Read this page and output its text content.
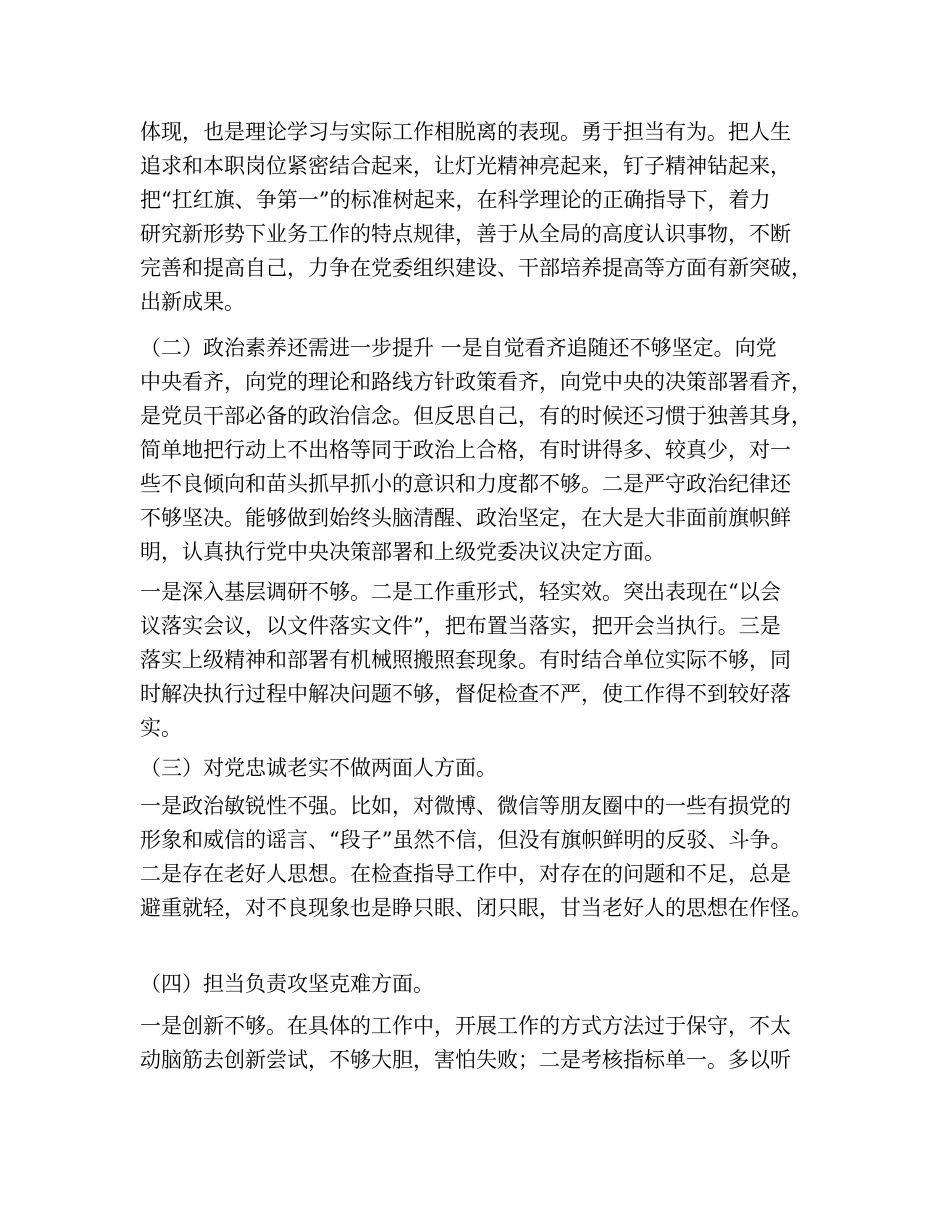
体现，也是理论学习与实际工作相脱离的表现。勇于担当有为。把人生
追求和本职岗位紧密结合起来，让灯光精神亮起来，钉子精神钻起来，
把“扛红旗、争第一”的标准树起来，在科学理论的正确指导下，着力
研究新形势下业务工作的特点规律，善于从全局的高度认识事物，不断
完善和提高自己，力争在党委组织建设、干部培养提高等方面有新突破，
出新成果。
（二）政治素养还需进一步提升 一是自觉看齐追随还不够坚定。向党
中央看齐，向党的理论和路线方针政策看齐，向党中央的决策部署看齐，
是党员干部必备的政治信念。但反思自己，有的时候还习惯于独善其身，
简单地把行动上不出格等同于政治上合格，有时讲得多、较真少，对一
些不良倾向和苗头抓早抓小的意识和力度都不够。二是严守政治纪律还
不够坚决。能够做到始终头脑清醒、政治坚定，在大是大非面前旗帜鲜
明，认真执行党中央决策部署和上级党委决议决定方面。
一是深入基层调研不够。二是工作重形式，轻实效。突出表现在“以会
议落实会议，以文件落实文件”，把布置当落实，把开会当执行。三是
落实上级精神和部署有机械照搬照套现象。有时结合单位实际不够，同
时解决执行过程中解决问题不够，督促检查不严，使工作得不到较好落
实。
（三）对党忠诚老实不做两面人方面。
一是政治敏锐性不强。比如，对微博、微信等朋友圈中的一些有损党的
形象和威信的谣言、“段子”虽然不信，但没有旗帜鲜明的反驳、斗争。
二是存在老好人思想。在检查指导工作中，对存在的问题和不足，总是
避重就轻，对不良现象也是睁只眼、闭只眼，甘当老好人的思想在作怪。
（四）担当负责攻坚克难方面。
一是创新不够。在具体的工作中，开展工作的方式方法过于保守，不太
动脑筋去创新尝试，不够大胆，害怕失败；二是考核指标单一。多以听
